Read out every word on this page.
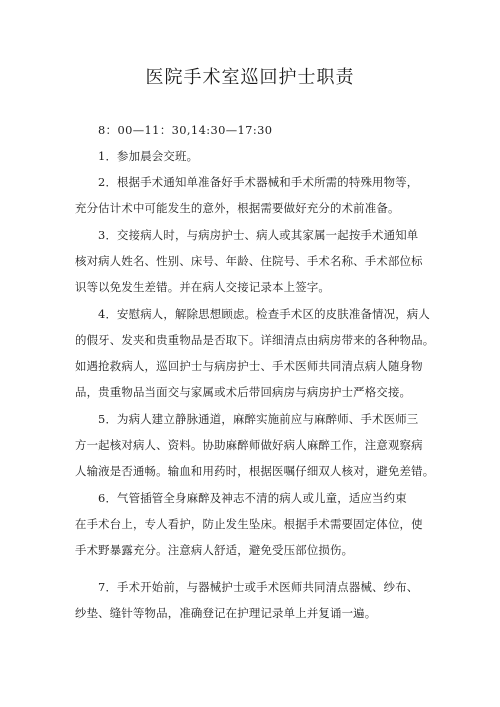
医院手术室巡回护士职责
8：00—11：30,14:30—17:30
1．参加晨会交班。
2．根据手术通知单准备好手术器械和手术所需的特殊用物等，
充分估计术中可能发生的意外，根据需要做好充分的术前准备。
3．交接病人时，与病房护士、病人或其家属一起按手术通知单
核对病人姓名、性别、床号、年龄、住院号、手术名称、手术部位标
识等以免发生差错。并在病人交接记录本上签字。
4．安慰病人，解除思想顾虑。检查手术区的皮肤准备情况，病人
的假牙、发夹和贵重物品是否取下。详细清点由病房带来的各种物品。
如遇抢救病人，巡回护士与病房护士、手术医师共同清点病人随身物
品，贵重物品当面交与家属或术后带回病房与病房护士严格交接。
5．为病人建立静脉通道，麻醉实施前应与麻醉师、手术医师三
方一起核对病人、资料。协助麻醉师做好病人麻醉工作，注意观察病
人输液是否通畅。输血和用药时，根据医嘱仔细双人核对，避免差错。
6．气管插管全身麻醉及神志不清的病人或儿童，适应当约束
在手术台上，专人看护，防止发生坠床。根据手术需要固定体位，使
手术野暴露充分。注意病人舒适，避免受压部位损伤。
7．手术开始前，与器械护士或手术医师共同清点器械、纱布、
纱垫、缝针等物品，准确登记在护理记录单上并复诵一遍。
